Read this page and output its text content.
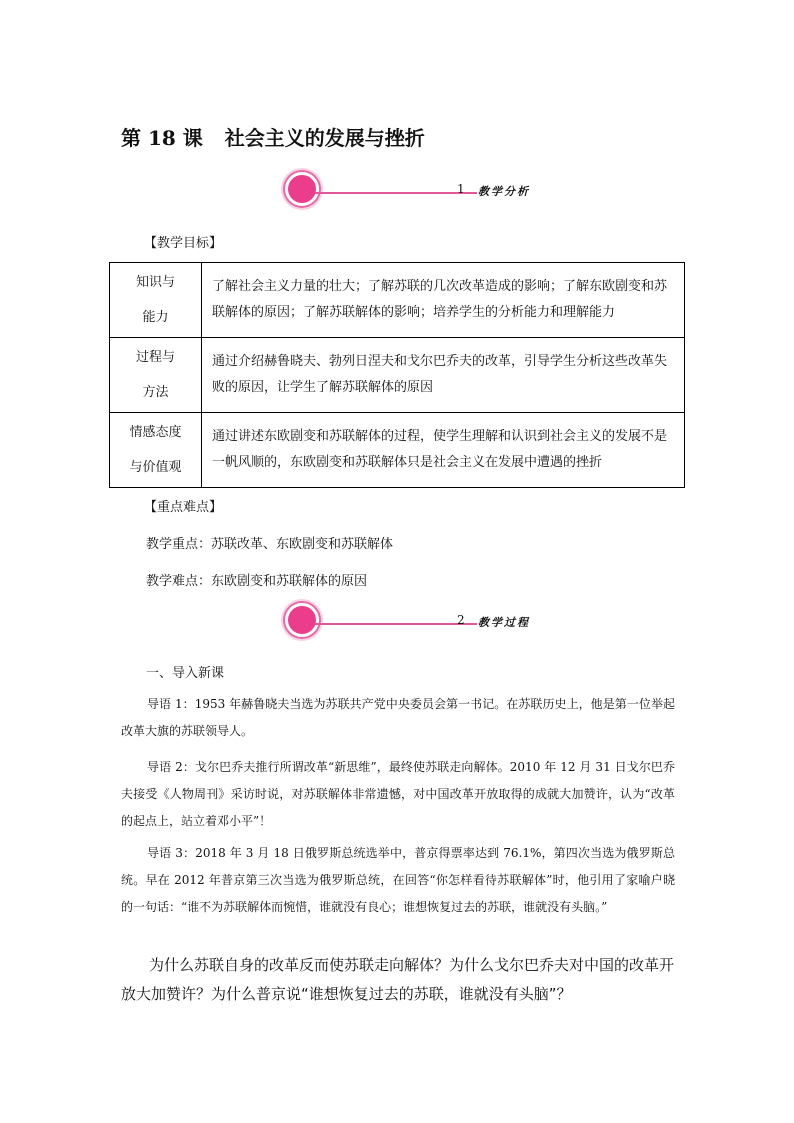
第 18 课 社会主义的发展与挫折
1 教学分析
【教学目标】
知识与
能力	了解社会主义力量的壮大；了解苏联的几次改革造成的影响；了解东欧剧变和苏联解体的原因；了解苏联解体的影响；培养学生的分析能力和理解能力

过程与
方法	通过介绍赫鲁晓夫、勃列日涅夫和戈尔巴乔夫的改革，引导学生分析这些改革失败的原因，让学生了解苏联解体的原因

情感态度
与价值观	通过讲述东欧剧变和苏联解体的过程，使学生理解和认识到社会主义的发展不是一帆风顺的，东欧剧变和苏联解体只是社会主义在发展中遭遇的挫折
【重点难点】
教学重点：苏联改革、东欧剧变和苏联解体
教学难点：东欧剧变和苏联解体的原因
2 教学过程
一、导入新课
导语 1：1953 年赫鲁晓夫当选为苏联共产党中央委员会第一书记。在苏联历史上，他是第一位举起改革大旗的苏联领导人。
导语 2：戈尔巴乔夫推行所谓改革“新思维”，最终使苏联走向解体。2010 年 12 月 31 日戈尔巴乔夫接受《人物周刊》采访时说，对苏联解体非常遗憾，对中国改革开放取得的成就大加赞许，认为“改革的起点上，站立着邓小平”！
导语 3：2018 年 3 月 18 日俄罗斯总统选举中，普京得票率达到 76.1%，第四次当选为俄罗斯总统。早在 2012 年普京第三次当选为俄罗斯总统，在回答“你怎样看待苏联解体”时，他引用了家喻户晓的一句话：“谁不为苏联解体而惋惜，谁就没有良心；谁想恢复过去的苏联，谁就没有头脑。”
为什么苏联自身的改革反而使苏联走向解体？为什么戈尔巴乔夫对中国的改革开放大加赞许？为什么普京说“谁想恢复过去的苏联，谁就没有头脑”？
